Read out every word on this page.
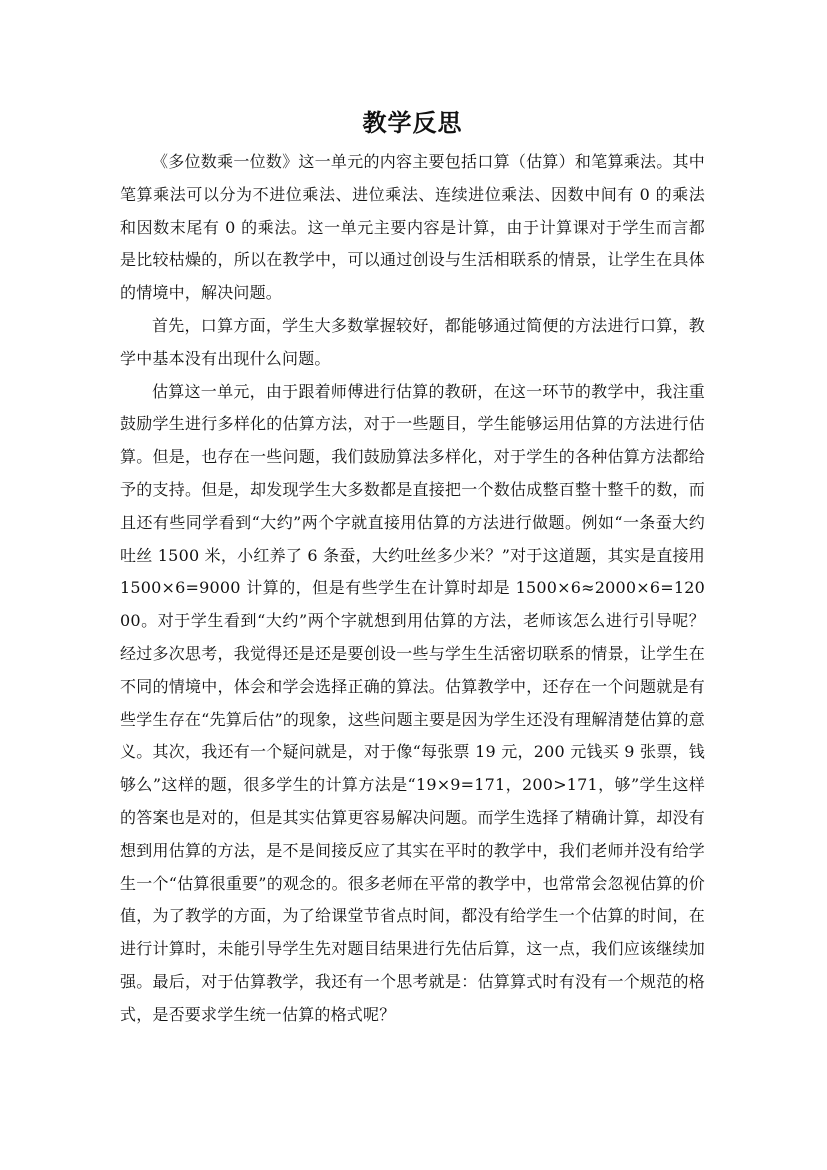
教学反思

《多位数乘一位数》这一单元的内容主要包括口算（估算）和笔算乘法。其中笔算乘法可以分为不进位乘法、进位乘法、连续进位乘法、因数中间有 0 的乘法和因数末尾有 0 的乘法。这一单元主要内容是计算，由于计算课对于学生而言都是比较枯燥的，所以在教学中，可以通过创设与生活相联系的情景，让学生在具体的情境中，解决问题。

首先，口算方面，学生大多数掌握较好，都能够通过简便的方法进行口算，教学中基本没有出现什么问题。

估算这一单元，由于跟着师傅进行估算的教研，在这一环节的教学中，我注重鼓励学生进行多样化的估算方法，对于一些题目，学生能够运用估算的方法进行估算。但是，也存在一些问题，我们鼓励算法多样化，对于学生的各种估算方法都给予的支持。但是，却发现学生大多数都是直接把一个数估成整百整十整千的数，而且还有些同学看到“大约”两个字就直接用估算的方法进行做题。例如“一条蚕大约吐丝 1500 米，小红养了 6 条蚕，大约吐丝多少米？”对于这道题，其实是直接用 1500×6=9000 计算的，但是有些学生在计算时却是 1500×6≈2000×6=12000。对于学生看到“大约”两个字就想到用估算的方法，老师该怎么进行引导呢？经过多次思考，我觉得还是还是要创设一些与学生生活密切联系的情景，让学生在不同的情境中，体会和学会选择正确的算法。估算教学中，还存在一个问题就是有些学生存在“先算后估”的现象，这些问题主要是因为学生还没有理解清楚估算的意义。其次，我还有一个疑问就是，对于像“每张票 19 元，200 元钱买 9 张票，钱够么”这样的题，很多学生的计算方法是“19×9=171，200>171，够”学生这样的答案也是对的，但是其实估算更容易解决问题。而学生选择了精确计算，却没有想到用估算的方法，是不是间接反应了其实在平时的教学中，我们老师并没有给学生一个“估算很重要”的观念的。很多老师在平常的教学中，也常常会忽视估算的价值，为了教学的方面，为了给课堂节省点时间，都没有给学生一个估算的时间，在进行计算时，未能引导学生先对题目结果进行先估后算，这一点，我们应该继续加强。最后，对于估算教学，我还有一个思考就是：估算算式时有没有一个规范的格式，是否要求学生统一估算的格式呢？
